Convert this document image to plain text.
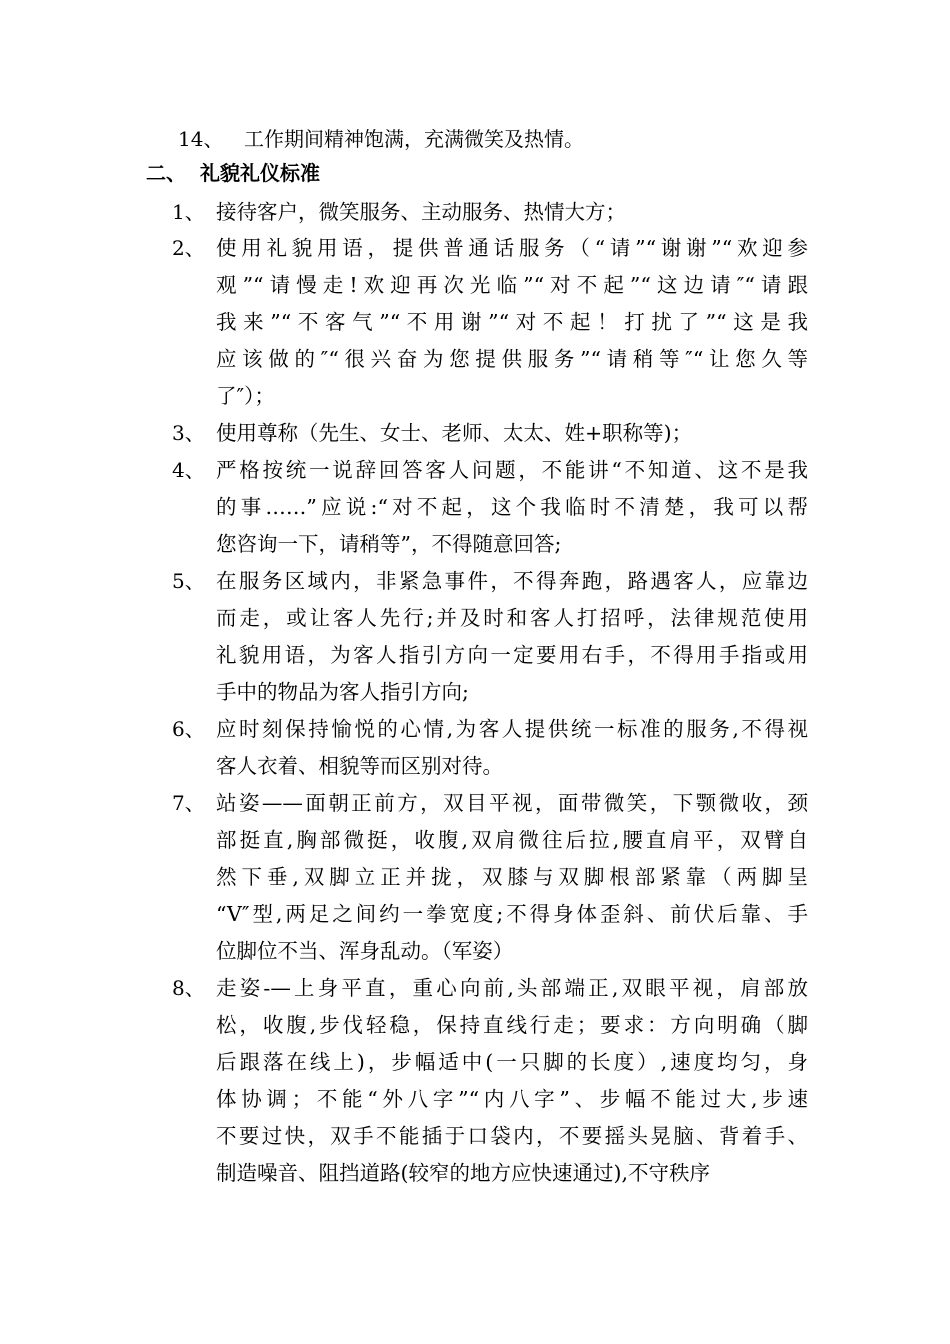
14、 工作期间精神饱满，充满微笑及热情。
二、 礼貌礼仪标准
1、 接待客户，微笑服务、主动服务、热情大方；
2、 使用礼貌用语，提供普通话服务（“请”“谢谢”“欢迎参
观”“请慢走!欢迎再次光临”“对不起”“这边请″“请跟
我来”“不客气”“不用谢”“对不起！打扰了”“这是我
应该做的″“很兴奋为您提供服务”“请稍等″“让您久等
了″）；
3、 使用尊称（先生、女士、老师、太太、姓+职称等)；
4、 严格按统一说辞回答客人问题，不能讲“不知道、这不是我
的事……”应说:“对不起，这个我临时不清楚，我可以帮
您咨询一下，请稍等”，不得随意回答;
5、 在服务区域内，非紧急事件，不得奔跑，路遇客人，应靠边
而走，或让客人先行;并及时和客人打招呼，法律规范使用
礼貌用语，为客人指引方向一定要用右手，不得用手指或用
手中的物品为客人指引方向;
6、 应时刻保持愉悦的心情,为客人提供统一标准的服务,不得视
客人衣着、相貌等而区别对待。
7、 站姿——面朝正前方，双目平视，面带微笑，下颚微收，颈
部挺直,胸部微挺，收腹,双肩微往后拉,腰直肩平，双臂自
然下垂,双脚立正并拢，双膝与双脚根部紧靠（两脚呈
“V″型,两足之间约一拳宽度;不得身体歪斜、前伏后靠、手
位脚位不当、浑身乱动。（军姿）
8、 走姿-—上身平直，重心向前,头部端正,双眼平视，肩部放
松，收腹,步伐轻稳，保持直线行走；要求：方向明确（脚
后跟落在线上)，步幅适中(一只脚的长度）,速度均匀，身
体协调；不能“外八字”“内八字”、步幅不能过大,步速
不要过快，双手不能插于口袋内，不要摇头晃脑、背着手、
制造噪音、阻挡道路(较窄的地方应快速通过),不守秩序
